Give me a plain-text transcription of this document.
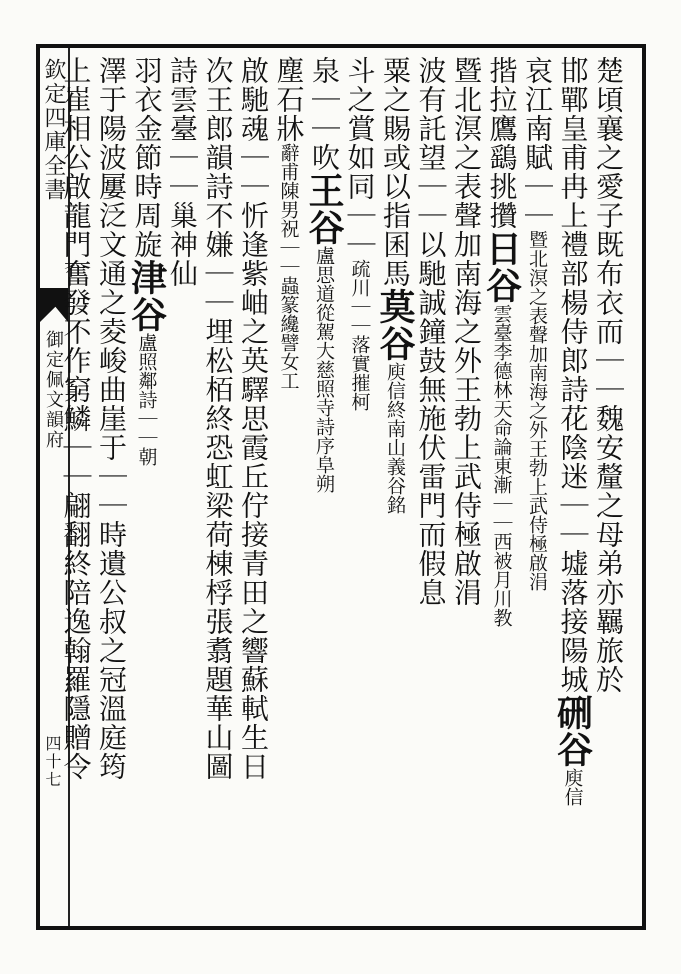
欽定四庫全書
御定佩文韻府
四十七
楚頃襄之愛子既布衣而｜｜魏安釐之母弟亦羈旅於
邯鄲皇甫冉上禮部楊侍郎詩花陰迷｜｜墟落接陽城硎谷庾信
哀江南賦｜｜暨北溟之表聲加南海之外王勃上武侍極啟涓
揩拉鷹鷂挑攢日谷雲臺李德林天命論東漸｜｜西被月川教
暨北溟之表聲加南海之外王勃上武侍極啟涓
波有託望｜｜以馳誠鐘鼓無施伏雷門而假息
粟之賜或以指囷馬莫谷庾信終南山義谷銘
斗之賞如同｜｜疏川｜｜落實摧柯
泉｜｜吹王谷盧思道從駕大慈照寺詩序阜朔
塵石牀辭甫陳男祝｜｜蟲篆纔譬女工
啟馳魂｜｜忻逢紫岫之英驛思霞丘佇接青田之響蘇軾生日
次王郎韻詩不嫌｜｜埋松栢終恐虹梁荷棟桴張翥題華山圖
詩雲臺｜｜巢神仙
羽衣金節時周旋津谷盧照鄰詩｜｜朝
澤于陽波屢泛文通之夌峻曲崖于｜｜時遺公叔之冠溫庭筠
上崔相公啟龍門奮發不作窮鱗｜｜翩翻終陪逸翰羅隱贈令
